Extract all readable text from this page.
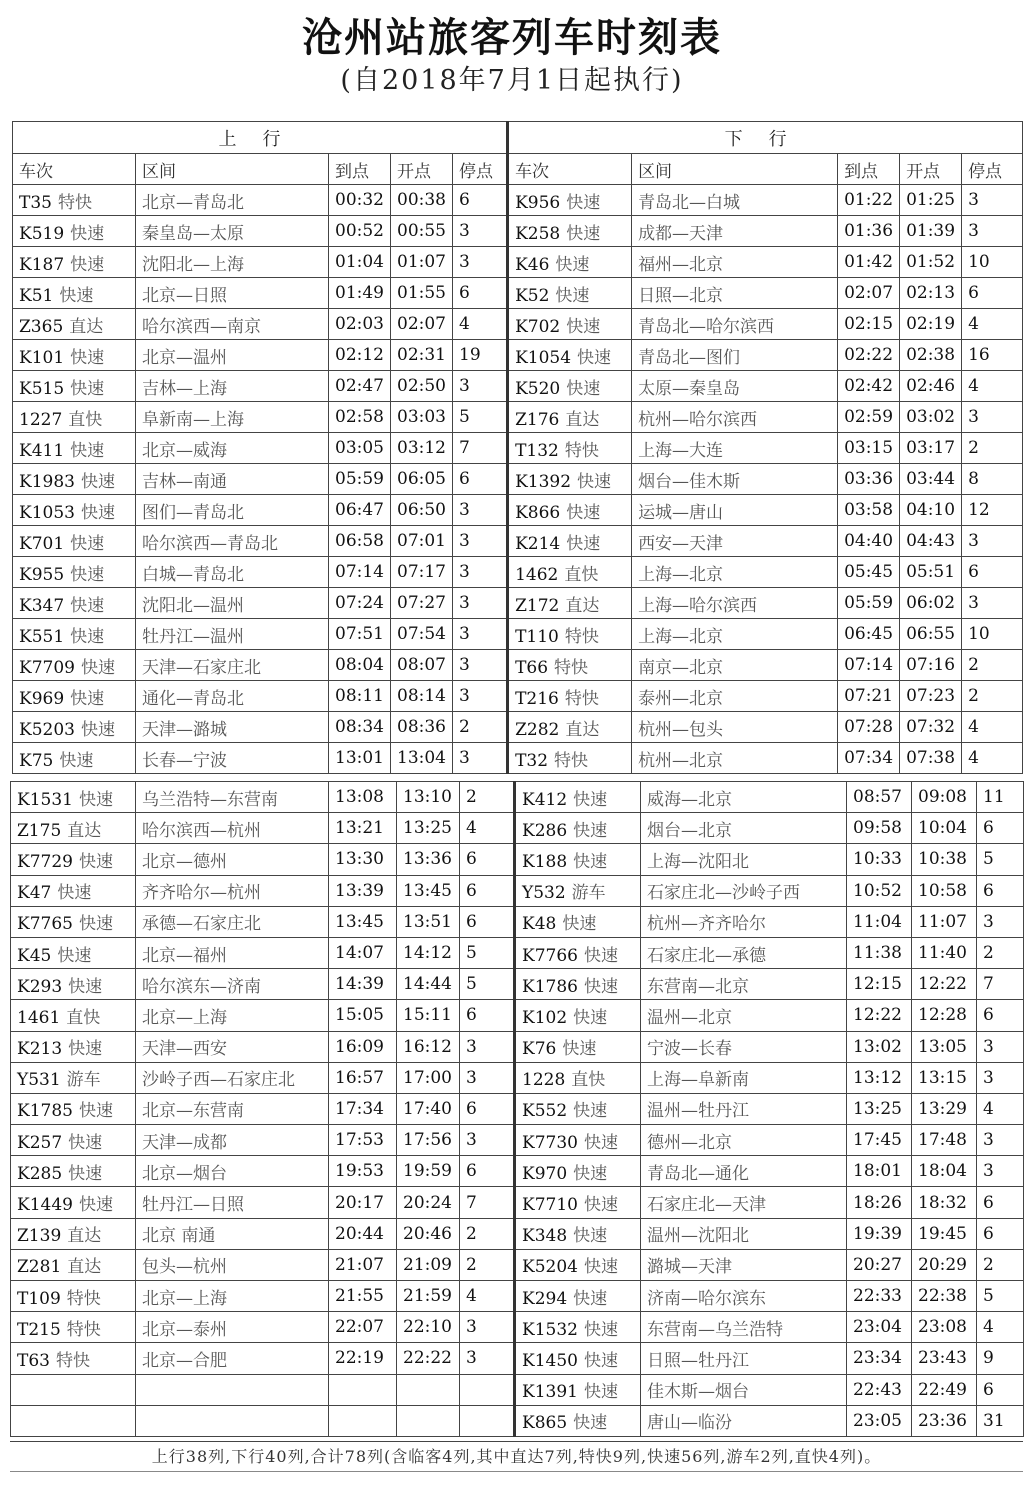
沧州站旅客列车时刻表
(自2018年7月1日起执行)
上行					下行				
车次	区间	到点	开点	停点	车次	区间	到点	开点	停点
T35 特快	北京—青岛北	00:32	00:38	6	K956 快速	青岛北—白城	01:22	01:25	3
K519 快速	秦皇岛—太原	00:52	00:55	3	K258 快速	成都—天津	01:36	01:39	3
K187 快速	沈阳北—上海	01:04	01:07	3	K46 快速	福州—北京	01:42	01:52	10
K51 快速	北京—日照	01:49	01:55	6	K52 快速	日照—北京	02:07	02:13	6
Z365 直达	哈尔滨西—南京	02:03	02:07	4	K702 快速	青岛北—哈尔滨西	02:15	02:19	4
K101 快速	北京—温州	02:12	02:31	19	K1054 快速	青岛北—图们	02:22	02:38	16
K515 快速	吉林—上海	02:47	02:50	3	K520 快速	太原—秦皇岛	02:42	02:46	4
1227 直快	阜新南—上海	02:58	03:03	5	Z176 直达	杭州—哈尔滨西	02:59	03:02	3
K411 快速	北京—威海	03:05	03:12	7	T132 特快	上海—大连	03:15	03:17	2
K1983 快速	吉林—南通	05:59	06:05	6	K1392 快速	烟台—佳木斯	03:36	03:44	8
K1053 快速	图们—青岛北	06:47	06:50	3	K866 快速	运城—唐山	03:58	04:10	12
K701 快速	哈尔滨西—青岛北	06:58	07:01	3	K214 快速	西安—天津	04:40	04:43	3
K955 快速	白城—青岛北	07:14	07:17	3	1462 直快	上海—北京	05:45	05:51	6
K347 快速	沈阳北—温州	07:24	07:27	3	Z172 直达	上海—哈尔滨西	05:59	06:02	3
K551 快速	牡丹江—温州	07:51	07:54	3	T110 特快	上海—北京	06:45	06:55	10
K7709 快速	天津—石家庄北	08:04	08:07	3	T66 特快	南京—北京	07:14	07:16	2
K969 快速	通化—青岛北	08:11	08:14	3	T216 特快	泰州—北京	07:21	07:23	2
K5203 快速	天津—潞城	08:34	08:36	2	Z282 直达	杭州—包头	07:28	07:32	4
K75 快速	长春—宁波	13:01	13:04	3	T32 特快	杭州—北京	07:34	07:38	4
K1531 快速	乌兰浩特—东营南	13:08	13:10	2	K412 快速	威海—北京	08:57	09:08	11
Z175 直达	哈尔滨西—杭州	13:21	13:25	4	K286 快速	烟台—北京	09:58	10:04	6
K7729 快速	北京—德州	13:30	13:36	6	K188 快速	上海—沈阳北	10:33	10:38	5
K47 快速	齐齐哈尔—杭州	13:39	13:45	6	Y532 游车	石家庄北—沙岭子西	10:52	10:58	6
K7765 快速	承德—石家庄北	13:45	13:51	6	K48 快速	杭州—齐齐哈尔	11:04	11:07	3
K45 快速	北京—福州	14:07	14:12	5	K7766 快速	石家庄北—承德	11:38	11:40	2
K293 快速	哈尔滨东—济南	14:39	14:44	5	K1786 快速	东营南—北京	12:15	12:22	7
1461 直快	北京—上海	15:05	15:11	6	K102 快速	温州—北京	12:22	12:28	6
K213 快速	天津—西安	16:09	16:12	3	K76 快速	宁波—长春	13:02	13:05	3
Y531 游车	沙岭子西—石家庄北	16:57	17:00	3	1228 直快	上海—阜新南	13:12	13:15	3
K1785 快速	北京—东营南	17:34	17:40	6	K552 快速	温州—牡丹江	13:25	13:29	4
K257 快速	天津—成都	17:53	17:56	3	K7730 快速	德州—北京	17:45	17:48	3
K285 快速	北京—烟台	19:53	19:59	6	K970 快速	青岛北—通化	18:01	18:04	3
K1449 快速	牡丹江—日照	20:17	20:24	7	K7710 快速	石家庄北—天津	18:26	18:32	6
Z139 直达	北京 南通	20:44	20:46	2	K348 快速	温州—沈阳北	19:39	19:45	6
Z281 直达	包头—杭州	21:07	21:09	2	K5204 快速	潞城—天津	20:27	20:29	2
T109 特快	北京—上海	21:55	21:59	4	K294 快速	济南—哈尔滨东	22:33	22:38	5
T215 特快	北京—泰州	22:07	22:10	3	K1532 快速	东营南—乌兰浩特	23:04	23:08	4
T63 特快	北京—合肥	22:19	22:22	3	K1450 快速	日照—牡丹江	23:34	23:43	9
					K1391 快速	佳木斯—烟台	22:43	22:49	6
					K865 快速	唐山—临汾	23:05	23:36	31
上行38列,下行40列,合计78列(含临客4列,其中直达7列,特快9列,快速56列,游车2列,直快4列)。
